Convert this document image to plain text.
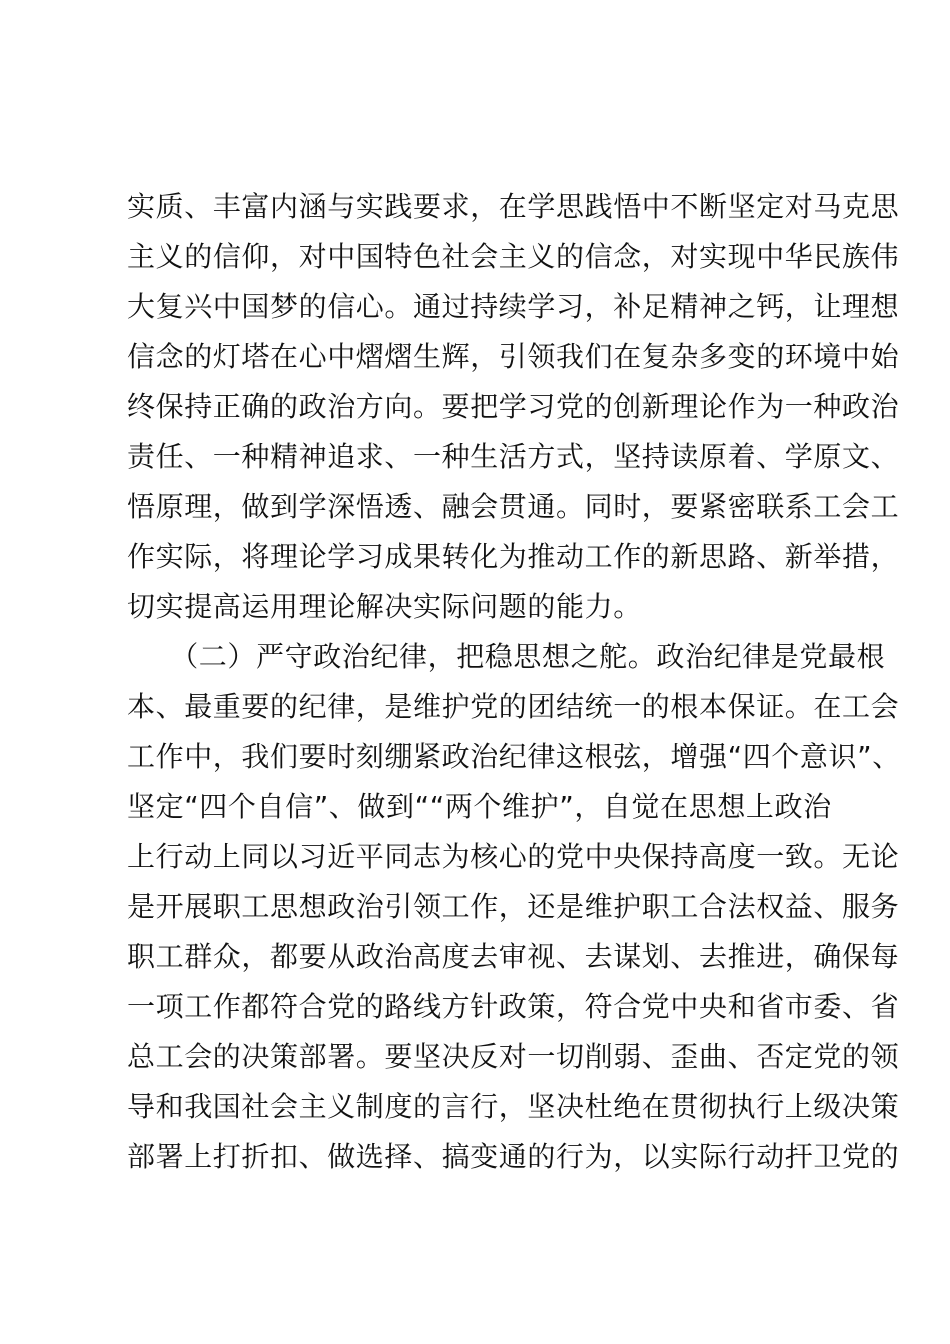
实质、丰富内涵与实践要求，在学思践悟中不断坚定对马克思
主义的信仰，对中国特色社会主义的信念，对实现中华民族伟
大复兴中国梦的信心。通过持续学习，补足精神之钙，让理想
信念的灯塔在心中熠熠生辉，引领我们在复杂多变的环境中始
终保持正确的政治方向。要把学习党的创新理论作为一种政治
责任、一种精神追求、一种生活方式，坚持读原着、学原文、
悟原理，做到学深悟透、融会贯通。同时，要紧密联系工会工
作实际，将理论学习成果转化为推动工作的新思路、新举措，
切实提高运用理论解决实际问题的能力。
　　（二）严守政治纪律，把稳思想之舵。政治纪律是党最根
本、最重要的纪律，是维护党的团结统一的根本保证。在工会
工作中，我们要时刻绷紧政治纪律这根弦，增强“四个意识”、
坚定“四个自信”、做到““两个维护”，自觉在思想上政治
上行动上同以习近平同志为核心的党中央保持高度一致。无论
是开展职工思想政治引领工作，还是维护职工合法权益、服务
职工群众，都要从政治高度去审视、去谋划、去推进，确保每
一项工作都符合党的路线方针政策，符合党中央和省市委、省
总工会的决策部署。要坚决反对一切削弱、歪曲、否定党的领
导和我国社会主义制度的言行，坚决杜绝在贯彻执行上级决策
部署上打折扣、做选择、搞变通的行为，以实际行动扞卫党的
